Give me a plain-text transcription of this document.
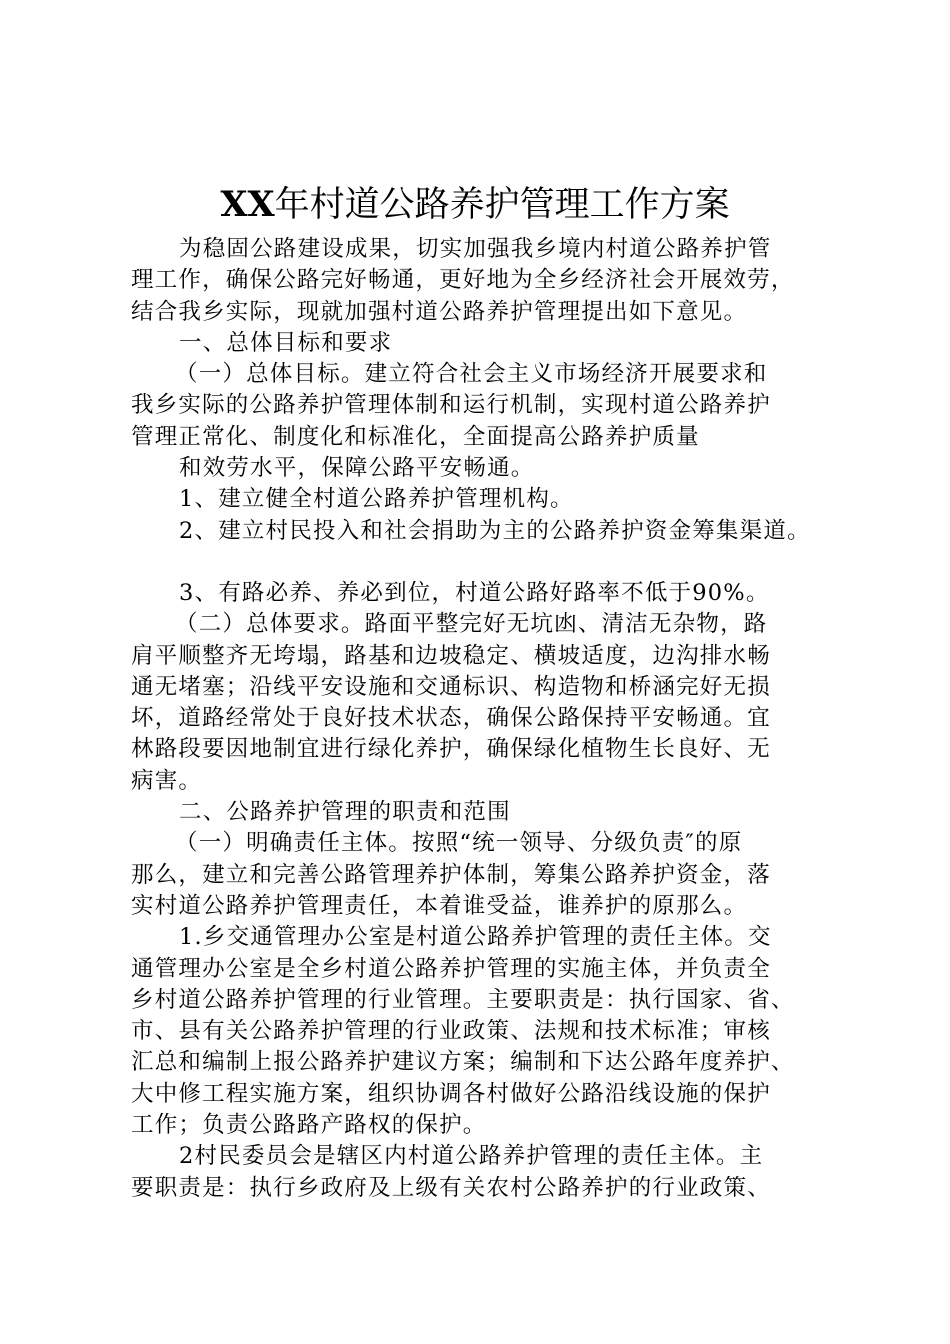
XX年村道公路养护管理工作方案
为稳固公路建设成果，切实加强我乡境内村道公路养护管
理工作，确保公路完好畅通，更好地为全乡经济社会开展效劳，
结合我乡实际，现就加强村道公路养护管理提出如下意见。
一、总体目标和要求
（一）总体目标。建立符合社会主义市场经济开展要求和
我乡实际的公路养护管理体制和运行机制，实现村道公路养护
管理正常化、制度化和标准化，全面提高公路养护质量
和效劳水平，保障公路平安畅通。
1、建立健全村道公路养护管理机构。
2、建立村民投入和社会捐助为主的公路养护资金筹集渠道。
3、有路必养、养必到位，村道公路好路率不低于90%。
（二）总体要求。路面平整完好无坑凼、清洁无杂物，路
肩平顺整齐无垮塌，路基和边坡稳定、横坡适度，边沟排水畅
通无堵塞；沿线平安设施和交通标识、构造物和桥涵完好无损
坏，道路经常处于良好技术状态，确保公路保持平安畅通。宜
林路段要因地制宜进行绿化养护，确保绿化植物生长良好、无
病害。
二、公路养护管理的职责和范围
（一）明确责任主体。按照“统一领导、分级负责″的原
那么，建立和完善公路管理养护体制，筹集公路养护资金，落
实村道公路养护管理责任，本着谁受益，谁养护的原那么。
1.乡交通管理办公室是村道公路养护管理的责任主体。交
通管理办公室是全乡村道公路养护管理的实施主体，并负责全
乡村道公路养护管理的行业管理。主要职责是：执行国家、省、
市、县有关公路养护管理的行业政策、法规和技术标准；审核
汇总和编制上报公路养护建议方案；编制和下达公路年度养护、
大中修工程实施方案，组织协调各村做好公路沿线设施的保护
工作；负责公路路产路权的保护。
2村民委员会是辖区内村道公路养护管理的责任主体。主
要职责是：执行乡政府及上级有关农村公路养护的行业政策、
